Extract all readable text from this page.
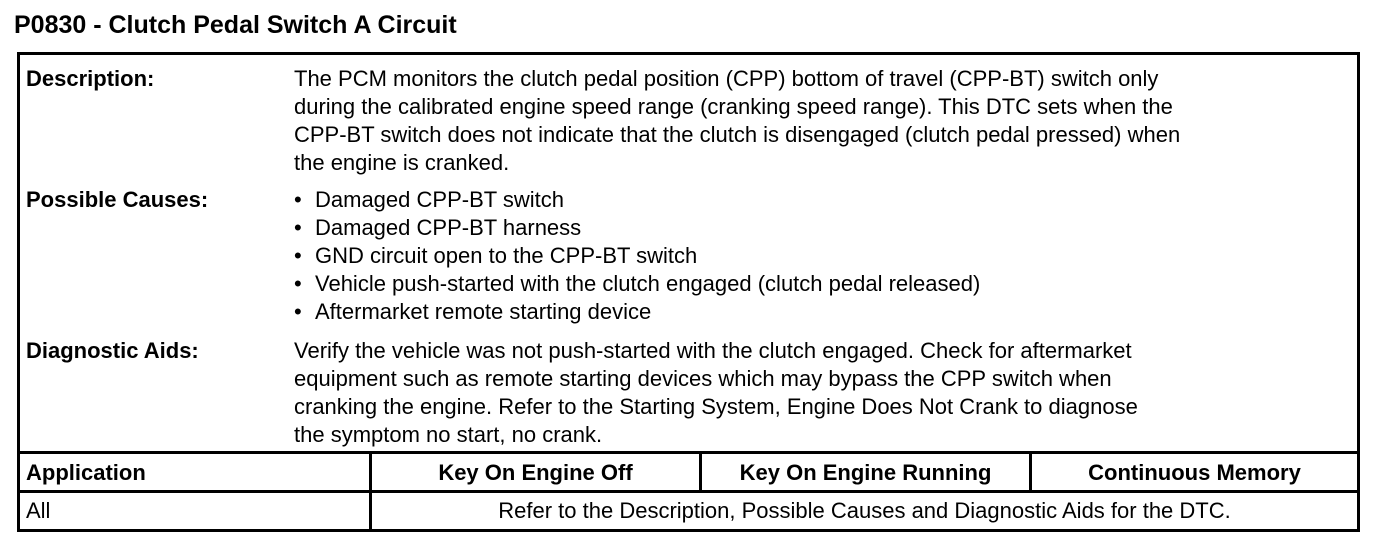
P0830 - Clutch Pedal Switch A Circuit
Description:	The PCM monitors the clutch pedal position (CPP) bottom of travel (CPP-BT) switch only
during the calibrated engine speed range (cranking speed range). This DTC sets when the
CPP-BT switch does not indicate that the clutch is disengaged (clutch pedal pressed) when
the engine is cranked.
Possible Causes:	• Damaged CPP-BT switch
• Damaged CPP-BT harness
• GND circuit open to the CPP-BT switch
• Vehicle push-started with the clutch engaged (clutch pedal released)
• Aftermarket remote starting device
Diagnostic Aids:	Verify the vehicle was not push-started with the clutch engaged. Check for aftermarket
equipment such as remote starting devices which may bypass the CPP switch when
cranking the engine. Refer to the Starting System, Engine Does Not Crank to diagnose
the symptom no start, no crank.
Application	Key On Engine Off	Key On Engine Running	Continuous Memory
All	Refer to the Description, Possible Causes and Diagnostic Aids for the DTC.
